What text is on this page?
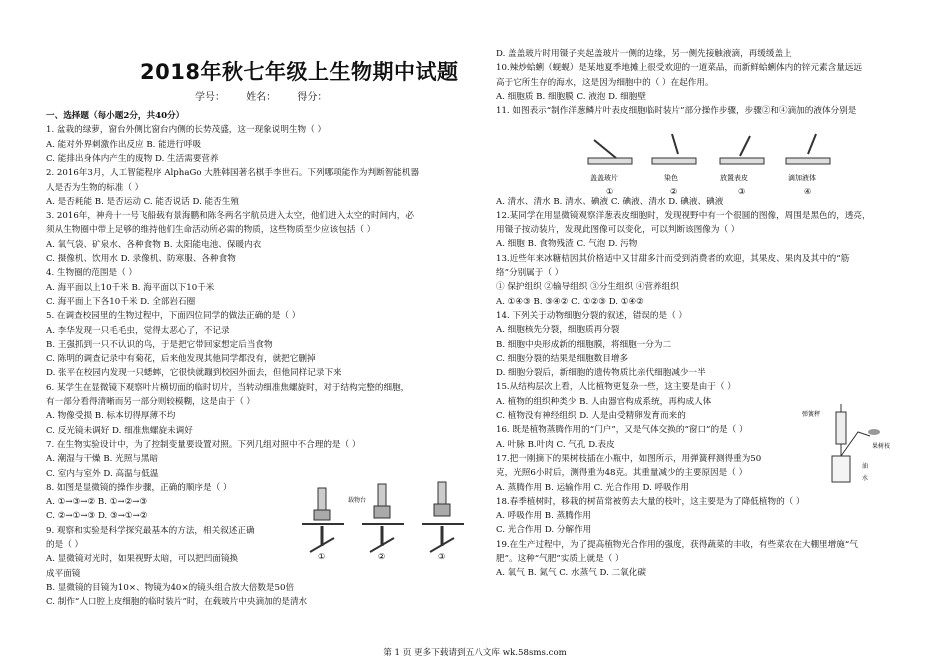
2018年秋七年级上生物期中试题
学号： 姓名： 得分：
一、选择题（每小题2分，共40分）
1. 盆栽的绿萝，窗台外侧比窗台内侧的长势茂盛，这一现象说明生物（ ）
A. 能对外界刺激作出反应 B. 能进行呼吸
C. 能排出身体内产生的废物 D. 生活需要营养
2. 2016年3月，人工智能程序 AlphaGo 大胜韩国著名棋手李世石。下列哪项能作为判断智能机器
人是否为生物的标准（ ）
A. 是否耗能 B. 是否运动 C. 能否说话 D. 能否生殖
3. 2016年，神舟十一号飞船载有景海鹏和陈冬两名宇航员进入太空，他们进入太空的时间内，必
须从生物圈中带上足够的维持他们生命活动所必需的物质，这些物质至少应该包括（ ）
A. 氧气袋、矿泉水、各种食物 B. 太阳能电池、保暖内衣
C. 摄像机、饮用水 D. 录像机、防寒服、各种食物
4. 生物圈的范围是（ ）
A. 海平面以上10千米 B. 海平面以下10千米
C. 海平面上下各10千米 D. 全部岩石圈
5. 在调查校园里的生物过程中，下面四位同学的做法正确的是（ ）
A. 李华发现一只毛毛虫，觉得太恶心了，不记录
B. 王强抓到一只不认识的鸟，于是把它带回家想定后当食物
C. 陈明的调查记录中有菊花，后来他发现其他同学都没有，就把它删掉
D. 张平在校园内发现一只蟋蟀，它很快就蹦到校园外面去，但他同样记录下来
6. 某学生在显微镜下观察叶片横切面的临时切片，当转动细准焦螺旋时，对于结构完整的细胞，
有一部分看得清晰而另一部分则较模糊，这是由于（ ）
A. 物像受损 B. 标本切得厚薄不均
C. 反光镜未调好 D. 细准焦螺旋未调好
7. 在生物实验设计中，为了控制变量要设置对照。下列几组对照中不合理的是（ ）
A. 潮湿与干燥 B. 光照与黑暗
C. 室内与室外 D. 高温与低温
8. 如图是显微镜的操作步骤，正确的顺序是（ ）
A. ①→③→② B. ①→②→③
C. ②→①→③ D. ③→①→②
9. 观察和实验是科学探究最基本的方法，相关叙述正确
的是（ ）
A. 显微镜对光时，如果视野太暗，可以把凹面镜换
成平面镜
B. 显微镜的目镜为10×、物镜为40×的镜头组合放大倍数是50倍
C. 制作“人口腔上皮细胞的临时装片”时，在载玻片中央滴加的是清水
D. 盖盖玻片时用镊子夹起盖玻片一侧的边缘，另一侧先接触液滴，再缓缓盖上
10.辣炒蛤蜊（蚬蚬）是某地夏季地摊上很受欢迎的一道菜品，而新鲜蛤蜊体内的锌元素含量远远
高于它所生存的海水，这是因为细胞中的（ ）在起作用。
A. 细胞质 B. 细胞膜 C. 液泡 D. 细胞壁
11. 如图表示“制作洋葱鳞片叶表皮细胞临时装片”部分操作步骤，步骤②和④滴加的液体分别是
A. 清水、清水 B. 清水、碘液 C. 碘液、清水 D. 碘液、碘液
12.某同学在用显微镜观察洋葱表皮细胞时，发现视野中有一个很圆的图像，周围是黑色的，透亮，
用镊子按动装片，发现此图像可以变化，可以判断该图像为（ ）
A. 细胞 B. 食物残渣 C. 气泡 D. 污物
13.近些年来冰糖桔因其价格适中又甘甜多汁而受到消费者的欢迎，其果皮、果肉及其中的“筋
络”分别属于（ ）
① 保护组织 ②输导组织 ③分生组织 ④营养组织
A. ①④③ B. ③④② C. ①②③ D. ①④②
14. 下列关于动物细胞分裂的叙述，错误的是（ ）
A. 细胞核先分裂，细胞质再分裂
B. 细胞中央形成新的细胞膜，将细胞一分为二
C. 细胞分裂的结果是细胞数目增多
D. 细胞分裂后，新细胞的遗传物质比亲代细胞减少一半
15.从结构层次上看，人比植物更复杂一些，这主要是由于（ ）
A. 植物的组织种类少 B. 人由器官构成系统，再构成人体
C. 植物没有神经组织 D. 人是由受精卵发育而来的
16. 既是植物蒸腾作用的“门户”，又是气体交换的“窗口”的是（ ）
A. 叶脉 B.叶肉 C. 气孔 D.表皮
17.把一刚摘下的果树枝插在小瓶中，如图所示，用弹簧秤测得重为50
克，光照6小时后，测得重为48克。其重量减少的主要原因是（ ）
A. 蒸腾作用 B. 运输作用 C. 光合作用 D. 呼吸作用
18.春季植树时，移栽的树苗常被剪去大量的枝叶，这主要是为了降低植物的（ ）
A. 呼吸作用 B. 蒸腾作用
C. 光合作用 D. 分解作用
19.在生产过程中，为了提高植物光合作用的强度，获得蔬菜的丰收，有些菜农在大棚里增施“气
肥”。这种“气肥”实质上就是（ ）
A. 氧气 B. 氮气 C. 水蒸气 D. 二氧化碳
载物台
①	②	③
盖盖玻片
①
染色
②
放置表皮
③
滴加液体
④
弹簧秤
果树枝
油
水
第 1 页 更多下载请到五八文库 wk.58sms.com
